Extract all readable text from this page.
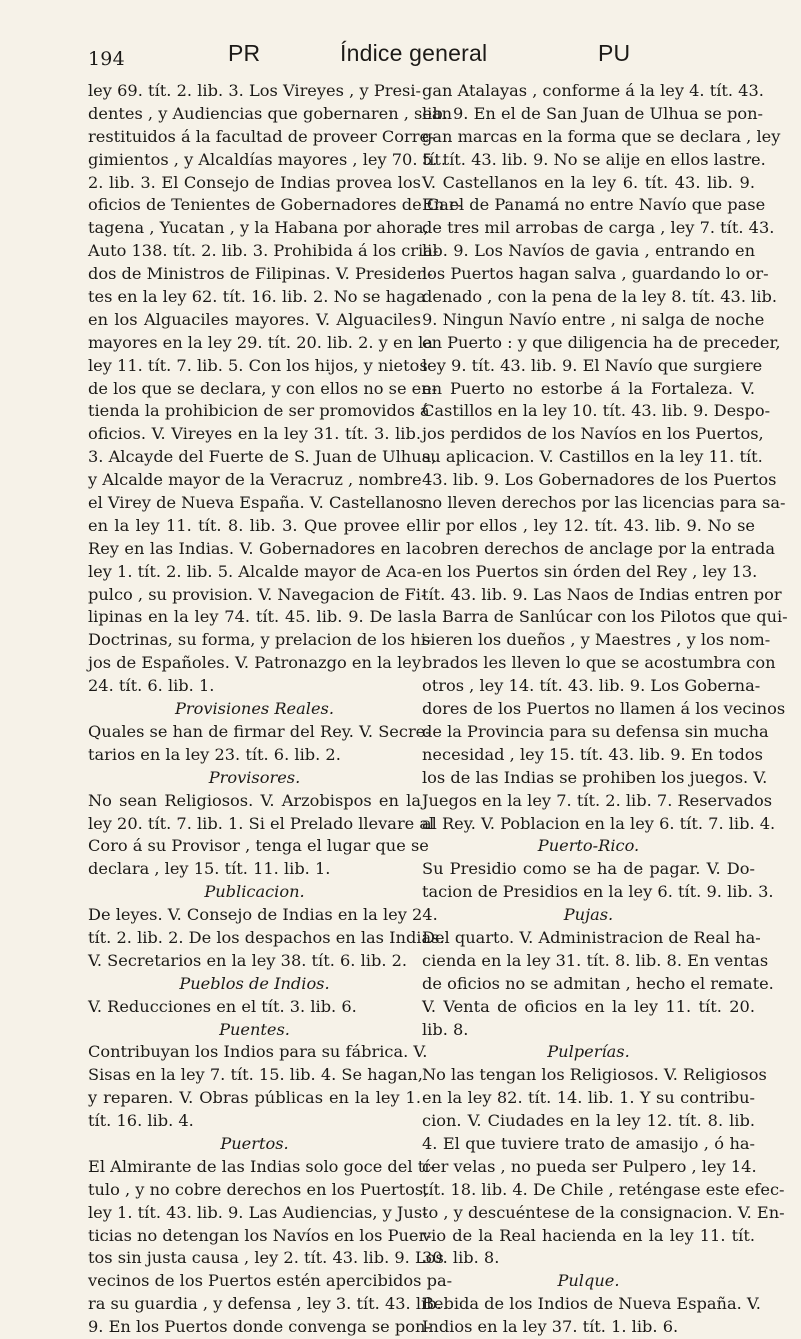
194	PR	Índice general	PU
ley 69. tít. 2. lib. 3. Los Vireyes , y Presi-
dentes , y Audiencias que gobernaren , sean
restituidos á la facultad de proveer Corre-
gimientos , y Alcaldías mayores , ley 70. tít.
2. lib. 3. El Consejo de Indias provea los
oficios de Tenientes de Gobernadores de Car-
tagena , Yucatan , y la Habana por ahora,
Auto 138. tít. 2. lib. 3. Prohibida á los cria-
dos de Ministros de Filipinas. V. Presiden-
tes en la ley 62. tít. 16. lib. 2. No se haga
en los Alguaciles mayores. V. Alguaciles
mayores en la ley 29. tít. 20. lib. 2. y en la
ley 11. tít. 7. lib. 5. Con los hijos, y nietos
de los que se declara, y con ellos no se en-
tienda la prohibicion de ser promovidos á
oficios. V. Vireyes en la ley 31. tít. 3. lib.
3. Alcayde del Fuerte de S. Juan de Ulhua,
y Alcalde mayor de la Veracruz , nombre
el Virey de Nueva España. V. Castellanos
en la ley 11. tít. 8. lib. 3. Que provee el
Rey en las Indias. V. Gobernadores en la
ley 1. tít. 2. lib. 5. Alcalde mayor de Aca-
pulco , su provision. V. Navegacion de Fi-
lipinas en la ley 74. tít. 45. lib. 9. De las
Doctrinas, su forma, y prelacion de los hi-
jos de Españoles. V. Patronazgo en la ley
24. tít. 6. lib. 1.
Provisiones Reales.
Quales se han de firmar del Rey. V. Secre-
tarios en la ley 23. tít. 6. lib. 2.
Provisores.
No sean Religiosos. V. Arzobispos en la
ley 20. tít. 7. lib. 1. Si el Prelado llevare al
Coro á su Provisor , tenga el lugar que se
declara , ley 15. tít. 11. lib. 1.
Publicacion.
De leyes. V. Consejo de Indias en la ley 24.
tít. 2. lib. 2. De los despachos en las Indias.
V. Secretarios en la ley 38. tít. 6. lib. 2.
Pueblos de Indios.
V. Reducciones en el tít. 3. lib. 6.
Puentes.
Contribuyan los Indios para su fábrica. V.
Sisas en la ley 7. tít. 15. lib. 4. Se hagan,
y reparen. V. Obras públicas en la ley 1.
tít. 16. lib. 4.
Puertos.
El Almirante de las Indias solo goce del tí-
tulo , y no cobre derechos en los Puertos,
ley 1. tít. 43. lib. 9. Las Audiencias, y Jus-
ticias no detengan los Navíos en los Puer-
tos sin justa causa , ley 2. tít. 43. lib. 9. Los
vecinos de los Puertos estén apercibidos pa-
ra su guardia , y defensa , ley 3. tít. 43. lib.
9. En los Puertos donde convenga se pon-
gan Atalayas , conforme á la ley 4. tít. 43.
lib. 9. En el de San Juan de Ulhua se pon-
gan marcas en la forma que se declara , ley
5. tít. 43. lib. 9. No se alije en ellos lastre.
V. Castellanos en la ley 6. tít. 43. lib. 9.
En el de Panamá no entre Navío que pase
de tres mil arrobas de carga , ley 7. tít. 43.
lib. 9. Los Navíos de gavia , entrando en
los Puertos hagan salva , guardando lo or-
denado , con la pena de la ley 8. tít. 43. lib.
9. Ningun Navío entre , ni salga de noche
en Puerto : y que diligencia ha de preceder,
ley 9. tít. 43. lib. 9. El Navío que surgiere
en Puerto no estorbe á la Fortaleza. V.
Castillos en la ley 10. tít. 43. lib. 9. Despo-
jos perdidos de los Navíos en los Puertos,
su aplicacion. V. Castillos en la ley 11. tít.
43. lib. 9. Los Gobernadores de los Puertos
no lleven derechos por las licencias para sa-
lir por ellos , ley 12. tít. 43. lib. 9. No se
cobren derechos de anclage por la entrada
en los Puertos sin órden del Rey , ley 13.
tít. 43. lib. 9. Las Naos de Indias entren por
la Barra de Sanlúcar con los Pilotos que qui-
sieren los dueños , y Maestres , y los nom-
brados les lleven lo que se acostumbra con
otros , ley 14. tít. 43. lib. 9. Los Goberna-
dores de los Puertos no llamen á los vecinos
de la Provincia para su defensa sin mucha
necesidad , ley 15. tít. 43. lib. 9. En todos
los de las Indias se prohiben los juegos. V.
Juegos en la ley 7. tít. 2. lib. 7. Reservados
al Rey. V. Poblacion en la ley 6. tít. 7. lib. 4.
Puerto-Rico.
Su Presidio como se ha de pagar. V. Do-
tacion de Presidios en la ley 6. tít. 9. lib. 3.
Pujas.
Del quarto. V. Administracion de Real ha-
cienda en la ley 31. tít. 8. lib. 8. En ventas
de oficios no se admitan , hecho el remate.
V. Venta de oficios en la ley 11. tít. 20.
lib. 8.
Pulperías.
No las tengan los Religiosos. V. Religiosos
en la ley 82. tít. 14. lib. 1. Y su contribu-
cion. V. Ciudades en la ley 12. tít. 8. lib.
4. El que tuviere trato de amasijo , ó ha-
cer velas , no pueda ser Pulpero , ley 14.
tít. 18. lib. 4. De Chile , reténgase este efec-
to , y descuéntese de la consignacion. V. En-
vio de la Real hacienda en la ley 11. tít.
30. lib. 8.
Pulque.
Bebida de los Indios de Nueva España. V.
Indios en la ley 37. tít. 1. lib. 6.
